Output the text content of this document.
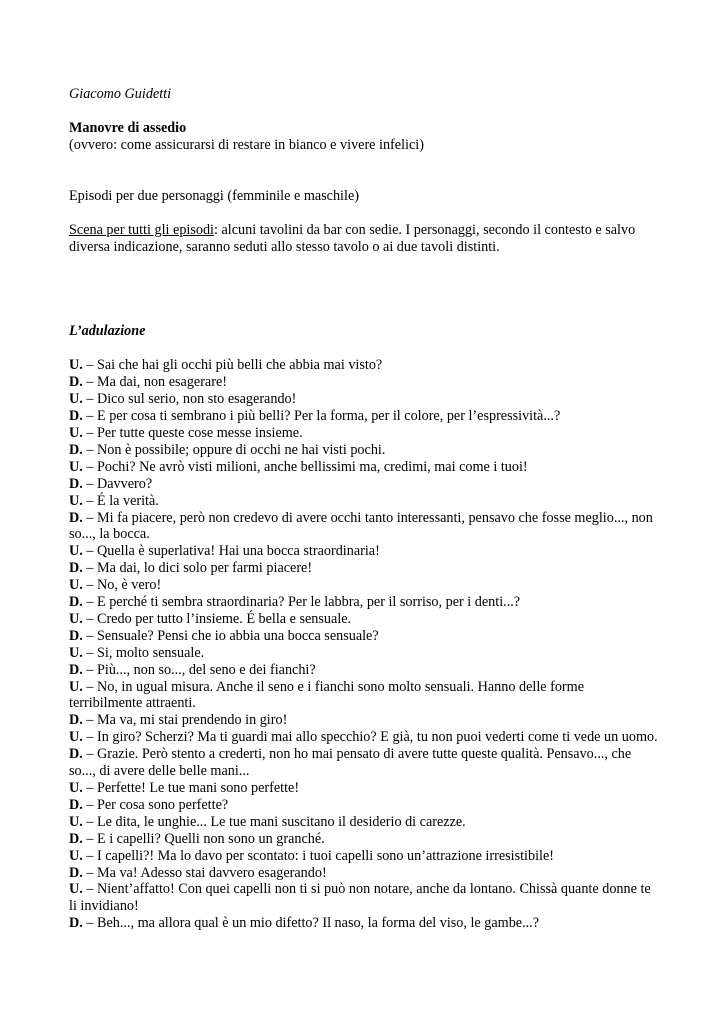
Giacomo Guidetti

Manovre di assedio

(ovvero: come assicurarsi di restare in bianco e vivere infelici)

Episodi per due personaggi (femminile e maschile)

Scena per tutti gli episodi: alcuni tavolini da bar con sedie. I personaggi, secondo il contesto e salvo diversa indicazione, saranno seduti allo stesso tavolo o ai due tavoli distinti.

L’adulazione

U. – Sai che hai gli occhi più belli che abbia mai visto?

D. – Ma dai, non esagerare!

U. – Dico sul serio, non sto esagerando!

D. – E per cosa ti sembrano i più belli? Per la forma, per il colore, per l’espressività...?

U. – Per tutte queste cose messe insieme.

D. – Non è possibile; oppure di occhi ne hai visti pochi.

U. – Pochi? Ne avrò visti milioni, anche bellissimi ma, credimi, mai come i tuoi!

D. – Davvero?

U. – É la verità.

D. – Mi fa piacere, però non credevo di avere occhi tanto interessanti, pensavo che fosse meglio..., non so..., la bocca.

U. – Quella è superlativa! Hai una bocca straordinaria!

D. – Ma dai, lo dici solo per farmi piacere!

U. – No, è vero!

D. – E perché ti sembra straordinaria? Per le labbra, per il sorriso, per i denti...?

U. – Credo per tutto l’insieme. É bella e sensuale.

D. – Sensuale? Pensi che io abbia una bocca sensuale?

U. – Si, molto sensuale.

D. – Più..., non so..., del seno e dei fianchi?

U. – No, in ugual misura. Anche il seno e i fianchi sono molto sensuali. Hanno delle forme terribilmente attraenti.

D. – Ma va, mi stai prendendo in giro!

U. – In giro? Scherzi? Ma ti guardi mai allo specchio? E già, tu non puoi vederti come ti vede un uomo.

D. – Grazie. Però stento a crederti, non ho mai pensato di avere tutte queste qualità. Pensavo..., che so..., di avere delle belle mani...

U. – Perfette! Le tue mani sono perfette!

D. – Per cosa sono perfette?

U. – Le dita, le unghie... Le tue mani suscitano il desiderio di carezze.

D. – E i capelli? Quelli non sono un granché.

U. – I capelli?! Ma lo davo per scontato: i tuoi capelli sono un’attrazione irresistibile!

D. – Ma va! Adesso stai davvero esagerando!

U. – Nient’affatto! Con quei capelli non ti si può non notare, anche da lontano. Chissà quante donne te li invidiano!

D. – Beh..., ma allora qual è un mio difetto? Il naso, la forma del viso, le gambe...?
